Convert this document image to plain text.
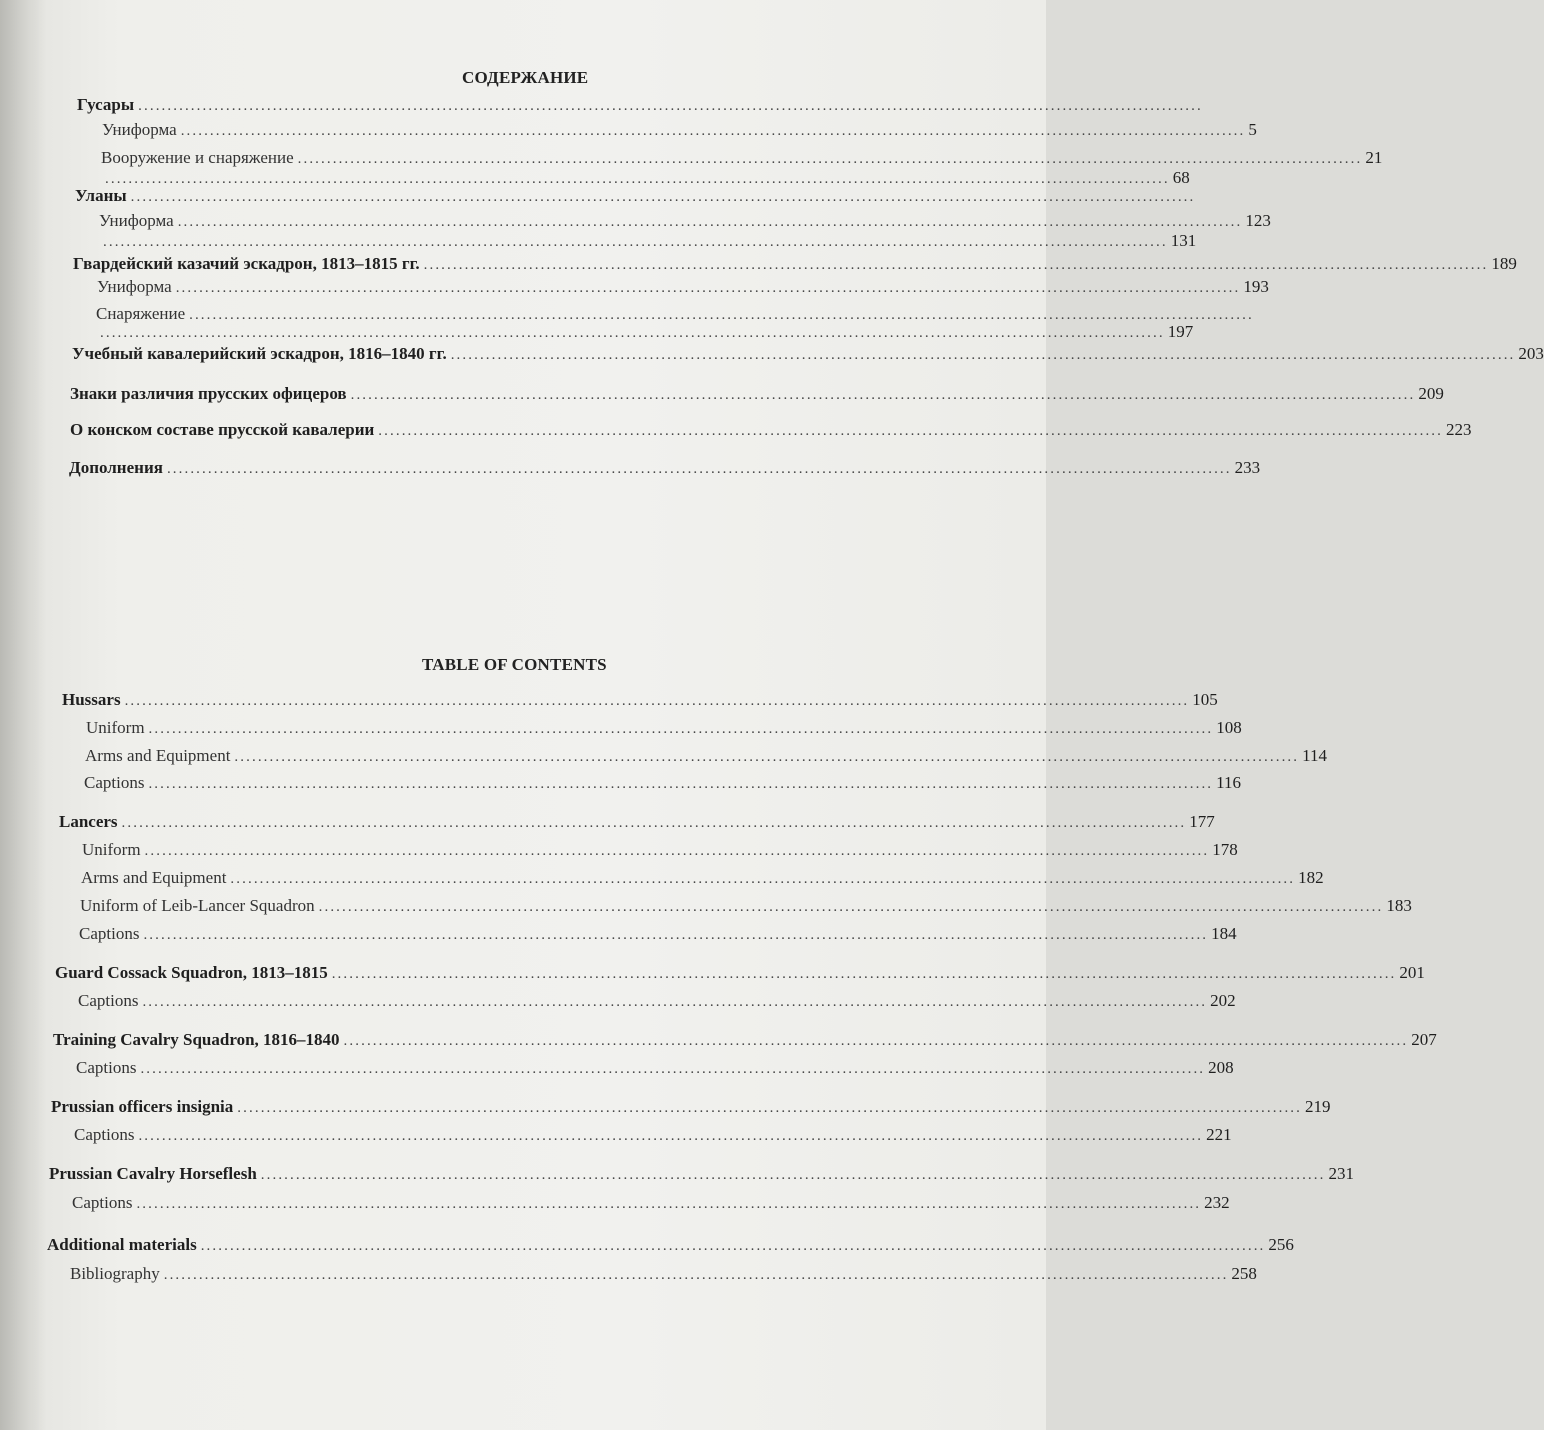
СОДЕРЖАНИЕ
Гусары ......................................................................................................................................................................................
Униформа ...................................................................................................................................................................................... 5
Вооружение и снаряжение ...................................................................................................................................................................................... 21
...................................................................................................................................................................................... 68
Уланы ......................................................................................................................................................................................
Униформа ...................................................................................................................................................................................... 123
...................................................................................................................................................................................... 131
Гвардейский казачий эскадрон, 1813–1815 гг. ...................................................................................................................................................................................... 189
Униформа ...................................................................................................................................................................................... 193
Снаряжение ......................................................................................................................................................................................
...................................................................................................................................................................................... 197
Учебный кавалерийский эскадрон, 1816–1840 гг. ...................................................................................................................................................................................... 203
Знаки различия прусских офицеров ...................................................................................................................................................................................... 209
О конском составе прусской кавалерии ...................................................................................................................................................................................... 223
Дополнения ...................................................................................................................................................................................... 233
TABLE OF CONTENTS
Hussars ...................................................................................................................................................................................... 105
Uniform ...................................................................................................................................................................................... 108
Arms and Equipment ...................................................................................................................................................................................... 114
Captions ...................................................................................................................................................................................... 116
Lancers ...................................................................................................................................................................................... 177
Uniform ...................................................................................................................................................................................... 178
Arms and Equipment ...................................................................................................................................................................................... 182
Uniform of Leib-Lancer Squadron ...................................................................................................................................................................................... 183
Captions ...................................................................................................................................................................................... 184
Guard Cossack Squadron, 1813–1815 ...................................................................................................................................................................................... 201
Captions ...................................................................................................................................................................................... 202
Training Cavalry Squadron, 1816–1840 ...................................................................................................................................................................................... 207
Captions ...................................................................................................................................................................................... 208
Prussian officers insignia ...................................................................................................................................................................................... 219
Captions ...................................................................................................................................................................................... 221
Prussian Cavalry Horseflesh ...................................................................................................................................................................................... 231
Captions ...................................................................................................................................................................................... 232
Additional materials ...................................................................................................................................................................................... 256
Bibliography ...................................................................................................................................................................................... 258
